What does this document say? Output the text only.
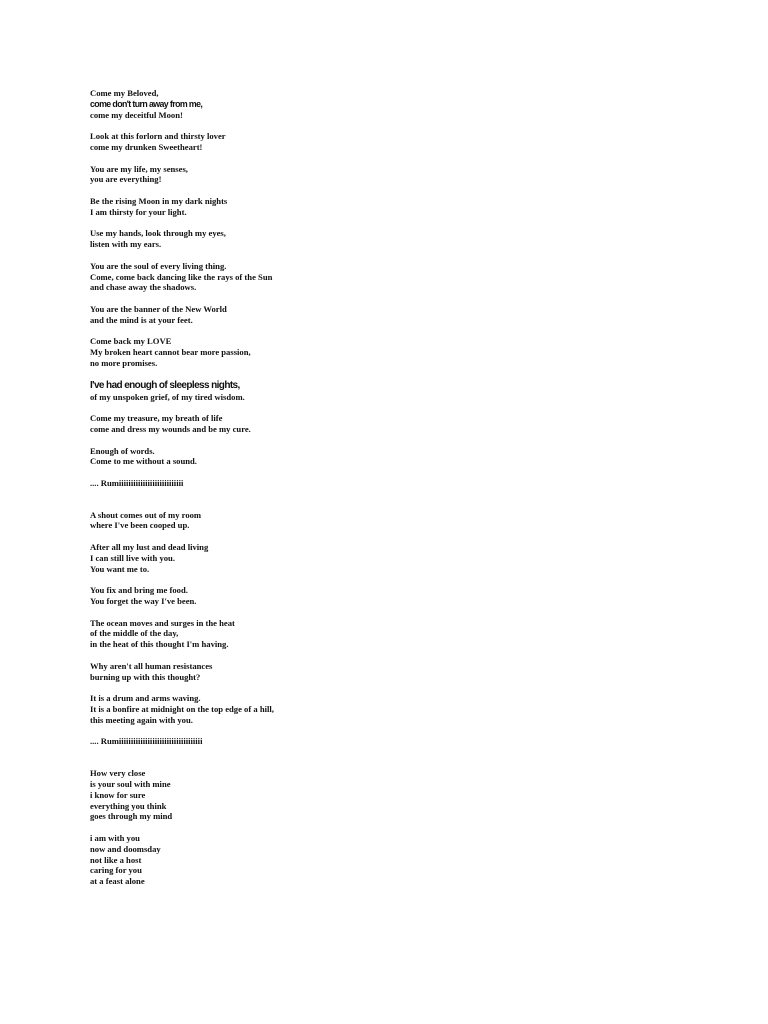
Come my Beloved,
come don't turn away from me,
come my deceitful Moon!
Look at this forlorn and thirsty lover
come my drunken Sweetheart!
You are my life, my senses,
you are everything!
Be the rising Moon in my dark nights
I am thirsty for your light.
Use my hands, look through my eyes,
listen with my ears.
You are the soul of every living thing.
Come, come back dancing like the rays of the Sun
and chase away the shadows.
You are the banner of the New World
and the mind is at your feet.
Come back my LOVE
My broken heart cannot bear more passion,
no more promises.
I've had enough of sleepless nights,
of my unspoken grief, of my tired wisdom.
Come my treasure, my breath of life
come and dress my wounds and be my cure.
Enough of words.
Come to me without a sound.
.... Rumiiiiiiiiiiiiiiiiiiiiiiiiiii
A shout comes out of my room
where I've been cooped up.
After all my lust and dead living
I can still live with you.
You want me to.
You fix and bring me food.
You forget the way I've been.
The ocean moves and surges in the heat
of the middle of the day,
in the heat of this thought I'm having.
Why aren't all human resistances
burning up with this thought?
It is a drum and arms waving.
It is a bonfire at midnight on the top edge of a hill,
this meeting again with you.
.... Rumiiiiiiiiiiiiiiiiiiiiiiiiiiiiiiiiiii
How very close
is your soul with mine
i know for sure
everything you think
goes through my mind
i am with you
now and doomsday
not like a host
caring for you
at a feast alone
